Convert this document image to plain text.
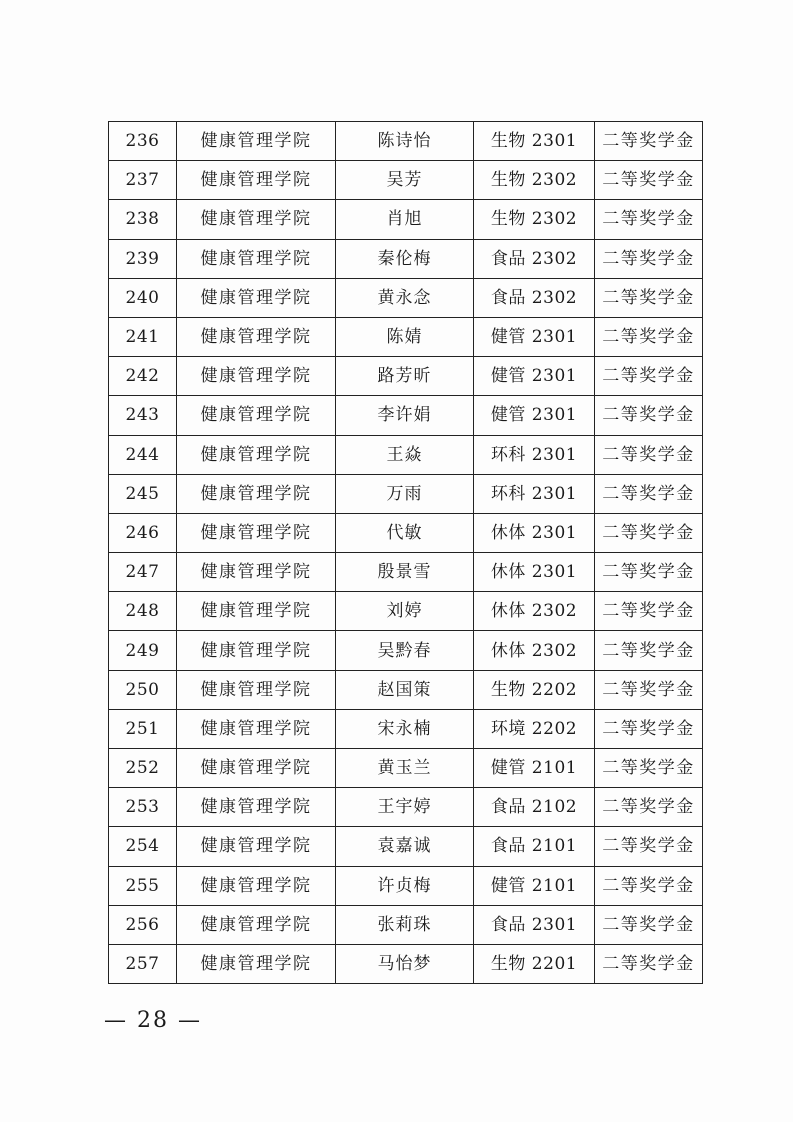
236	健康管理学院	陈诗怡	生物 2301	二等奖学金
237	健康管理学院	吴芳	生物 2302	二等奖学金
238	健康管理学院	肖旭	生物 2302	二等奖学金
239	健康管理学院	秦伦梅	食品 2302	二等奖学金
240	健康管理学院	黄永念	食品 2302	二等奖学金
241	健康管理学院	陈婧	健管 2301	二等奖学金
242	健康管理学院	路芳昕	健管 2301	二等奖学金
243	健康管理学院	李许娟	健管 2301	二等奖学金
244	健康管理学院	王焱	环科 2301	二等奖学金
245	健康管理学院	万雨	环科 2301	二等奖学金
246	健康管理学院	代敏	休体 2301	二等奖学金
247	健康管理学院	殷景雪	休体 2301	二等奖学金
248	健康管理学院	刘婷	休体 2302	二等奖学金
249	健康管理学院	吴黔春	休体 2302	二等奖学金
250	健康管理学院	赵国策	生物 2202	二等奖学金
251	健康管理学院	宋永楠	环境 2202	二等奖学金
252	健康管理学院	黄玉兰	健管 2101	二等奖学金
253	健康管理学院	王宇婷	食品 2102	二等奖学金
254	健康管理学院	袁嘉诚	食品 2101	二等奖学金
255	健康管理学院	许贞梅	健管 2101	二等奖学金
256	健康管理学院	张莉珠	食品 2301	二等奖学金
257	健康管理学院	马怡梦	生物 2201	二等奖学金
— 28 —
